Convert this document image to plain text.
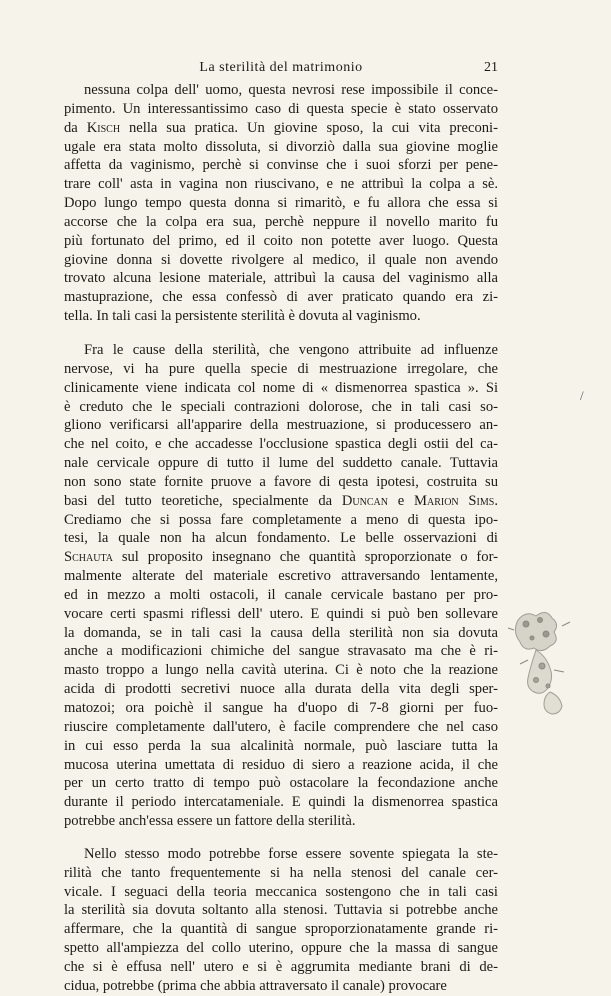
La sterilità del matrimonio	21
nessuna colpa dell' uomo, questa nevrosi rese impossibile il conce-
pimento. Un interessantissimo caso di questa specie è stato osservato
da Kisch nella sua pratica. Un giovine sposo, la cui vita preconi-
ugale era stata molto dissoluta, si divorziò dalla sua giovine moglie
affetta da vaginismo, perchè si convinse che i suoi sforzi per pene-
trare coll' asta in vagina non riuscivano, e ne attribuì la colpa a sè.
Dopo lungo tempo questa donna si rimaritò, e fu allora che essa si
accorse che la colpa era sua, perchè neppure il novello marito fu
più fortunato del primo, ed il coito non potette aver luogo. Questa
giovine donna si dovette rivolgere al medico, il quale non avendo
trovato alcuna lesione materiale, attribuì la causa del vaginismo alla
mastuprazione, che essa confessò di aver praticato quando era zi-
tella. In tali casi la persistente sterilità è dovuta al vaginismo.
Fra le cause della sterilità, che vengono attribuite ad influenze
nervose, vi ha pure quella specie di mestruazione irregolare, che
clinicamente viene indicata col nome di « dismenorrea spastica ». Si
è creduto che le speciali contrazioni dolorose, che in tali casi so-
gliono verificarsi all'apparire della mestruazione, si producessero an-
che nel coito, e che accadesse l'occlusione spastica degli ostii del ca-
nale cervicale oppure di tutto il lume del suddetto canale. Tuttavia
non sono state fornite pruove a favore di qesta ipotesi, costruita su
basi del tutto teoretiche, specialmente da Duncan e Marion Sims.
Crediamo che si possa fare completamente a meno di questa ipo-
tesi, la quale non ha alcun fondamento. Le belle osservazioni di
Schauta sul proposito insegnano che quantità sproporzionate o for-
malmente alterate del materiale escretivo attraversando lentamente,
ed in mezzo a molti ostacoli, il canale cervicale bastano per pro-
vocare certi spasmi riflessi dell' utero. E quindi si può ben sollevare
la domanda, se in tali casi la causa della sterilità non sia dovuta
anche a modificazioni chimiche del sangue stravasato ma che è ri-
masto troppo a lungo nella cavità uterina. Ci è noto che la reazione
acida di prodotti secretivi nuoce alla durata della vita degli sper-
matozoi; ora poichè il sangue ha d'uopo di 7-8 giorni per fuo-
riuscire completamente dall'utero, è facile comprendere che nel caso
in cui esso perda la sua alcalinità normale, può lasciare tutta la
mucosa uterina umettata di residuo di siero a reazione acida, il che
per un certo tratto di tempo può ostacolare la fecondazione anche
durante il periodo intercatameniale. E quindi la dismenorrea spastica
potrebbe anch'essa essere un fattore della sterilità.
Nello stesso modo potrebbe forse essere sovente spiegata la ste-
rilità che tanto frequentemente si ha nella stenosi del canale cer-
vicale. I seguaci della teoria meccanica sostengono che in tali casi
la sterilità sia dovuta soltanto alla stenosi. Tuttavia si potrebbe anche
affermare, che la quantità di sangue sproporzionatamente grande ri-
spetto all'ampiezza del collo uterino, oppure che la massa di sangue
che si è effusa nell' utero e si è aggrumita mediante brani di de-
cidua, potrebbe (prima che abbia attraversato il canale) provocare
/
